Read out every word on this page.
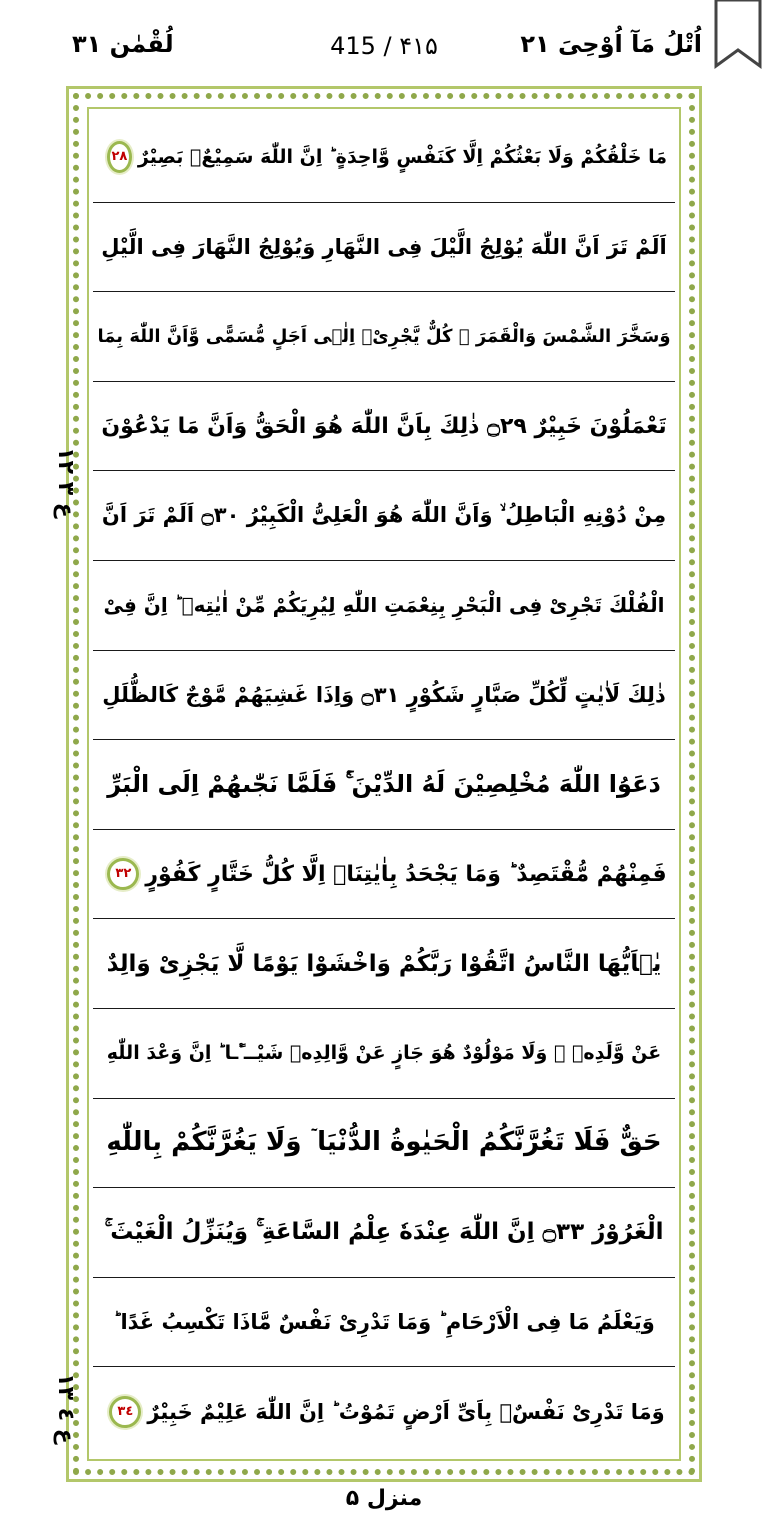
لُقْمٰن ٣١	415 / ۴۱۵	اُتْلُ مَآ اُوْحِیَ ٢١
مَا خَلْقُكُمْ وَلَا بَعْثُكُمْ اِلَّا كَنَفْسٍ وَّاحِدَةٍ ؕ اِنَّ اللّٰهَ سَمِیْعٌۢ بَصِیْرٌ
٢٨
اَلَمْ تَرَ اَنَّ اللّٰهَ یُوْلِجُ الَّیْلَ فِی النَّهَارِ وَیُوْلِجُ النَّهَارَ فِی الَّیْلِ
وَسَخَّرَ الشَّمْسَ وَالْقَمَرَ ؗ كُلٌّ یَّجْرِیْۤ اِلٰۤی اَجَلٍ مُّسَمًّی وَّاَنَّ اللّٰهَ بِمَا
تَعْمَلُوْنَ خَبِیْرٌ ۝٢٩ ذٰلِكَ بِاَنَّ اللّٰهَ هُوَ الْحَقُّ وَاَنَّ مَا یَدْعُوْنَ
مِنْ دُوْنِهِ الْبَاطِلُ ۙ وَاَنَّ اللّٰهَ هُوَ الْعَلِیُّ الْكَبِیْرُ ۝٣٠ اَلَمْ تَرَ اَنَّ
الْفُلْكَ تَجْرِیْ فِی الْبَحْرِ بِنِعْمَتِ اللّٰهِ لِیُرِیَكُمْ مِّنْ اٰیٰتِهٖ ؕ اِنَّ فِیْ
ذٰلِكَ لَاٰیٰتٍ لِّكُلِّ صَبَّارٍ شَكُوْرٍ ۝٣١ وَاِذَا غَشِیَهُمْ مَّوْجٌ كَالظُّلَلِ
دَعَوُا اللّٰهَ مُخْلِصِیْنَ لَهُ الدِّیْنَ ۚ۬ فَلَمَّا نَجّٰىهُمْ اِلَی الْبَرِّ
فَمِنْهُمْ مُّقْتَصِدٌ ؕ وَمَا یَجْحَدُ بِاٰیٰتِنَاۤ اِلَّا كُلُّ خَتَّارٍ كَفُوْرٍ
٣٢
یٰۤاَیُّهَا النَّاسُ اتَّقُوْا رَبَّكُمْ وَاخْشَوْا یَوْمًا لَّا یَجْزِیْ وَالِدٌ
عَنْ وَّلَدِهٖ ؗ وَلَا مَوْلُوْدٌ هُوَ جَازٍ عَنْ وَّالِدِهٖ شَیْــٴًـا ؕ اِنَّ وَعْدَ اللّٰهِ
حَقٌّ فَلَا تَغُرَّنَّكُمُ الْحَیٰوةُ الدُّنْیَا ٙ وَلَا یَغُرَّنَّكُمْ بِاللّٰهِ
الْغَرُوْرُ ۝٣٣ اِنَّ اللّٰهَ عِنْدَهٗ عِلْمُ السَّاعَةِ ۚ وَیُنَزِّلُ الْغَیْثَ ۚ
وَیَعْلَمُ مَا فِی الْاَرْحَامِ ؕ وَمَا تَدْرِیْ نَفْسٌ مَّاذَا تَكْسِبُ غَدًا ؕ
وَمَا تَدْرِیْ نَفْسٌۢ بِاَیِّ اَرْضٍ تَمُوْتُ ؕ اِنَّ اللّٰهَ عَلِیْمٌ خَبِیْرٌ
٣٤
ع ٣ ١٢
ع ٤ ١٣
منزل ۵
